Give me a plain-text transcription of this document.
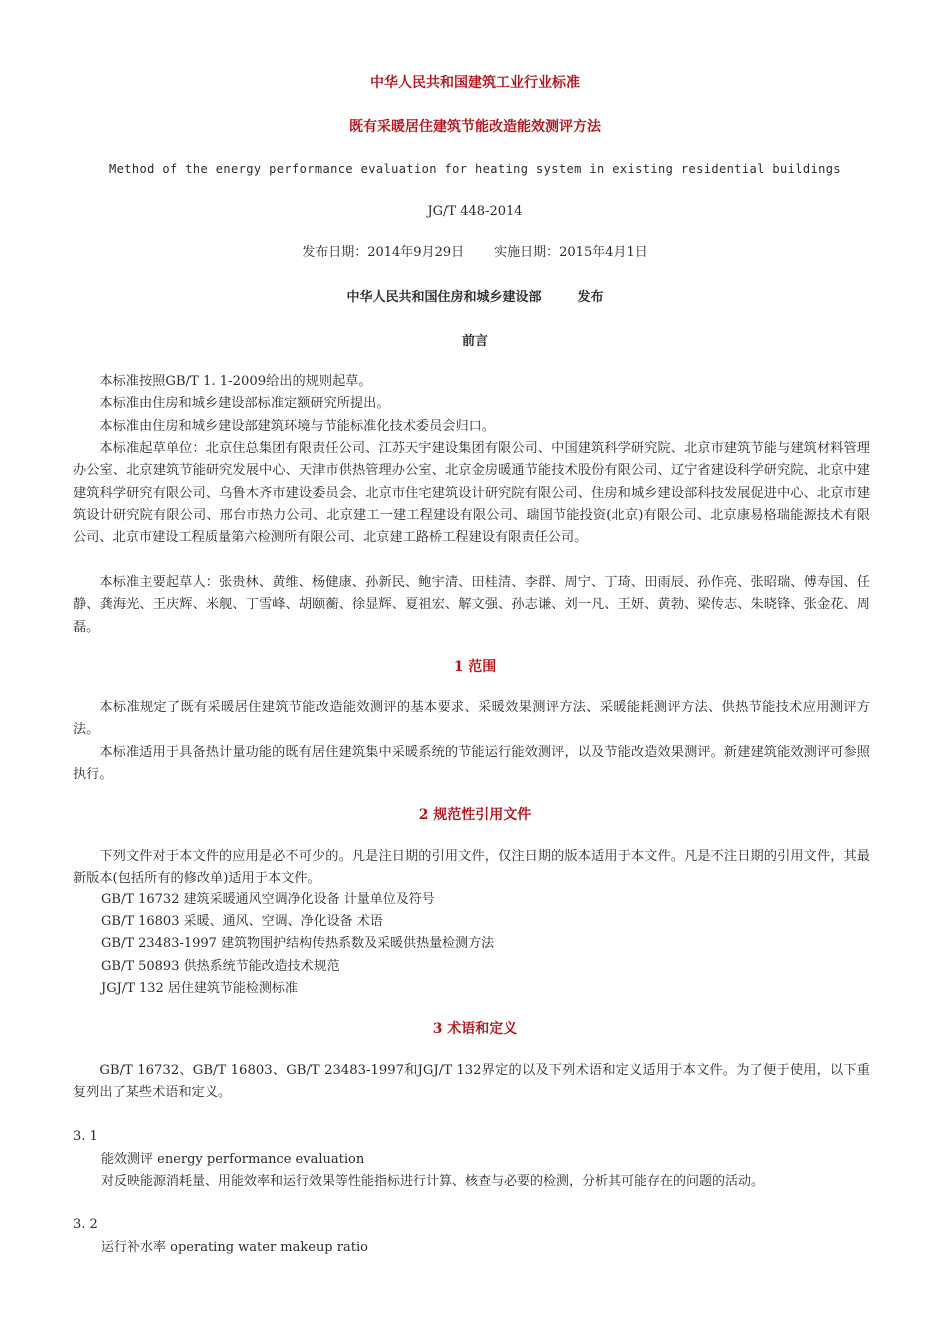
中华人民共和国建筑工业行业标准
既有采暖居住建筑节能改造能效测评方法
Method of the energy performance evaluation for heating system in existing residential buildings
JG/T 448-2014
发布日期：2014年9月29日 实施日期：2015年4月1日
中华人民共和国住房和城乡建设部	发布
前言

本标准按照GB/T 1. 1-2009给出的规则起草。

本标准由住房和城乡建设部标准定额研究所提出。

本标准由住房和城乡建设部建筑环境与节能标准化技术委员会归口。

本标准起草单位：北京住总集团有限责任公司、江苏天宇建设集团有限公司、中国建筑科学研究院、北京市建筑节能与建筑材料管理办公室、北京建筑节能研究发展中心、天津市供热管理办公室、北京金房暖通节能技术股份有限公司、辽宁省建设科学研究院、北京中建建筑科学研究有限公司、乌鲁木齐市建设委员会、北京市住宅建筑设计研究院有限公司、住房和城乡建设部科技发展促进中心、北京市建筑设计研究院有限公司、邢台市热力公司、北京建工一建工程建设有限公司、瑞国节能投资(北京)有限公司、北京康易格瑞能源技术有限公司、北京市建设工程质量第六检测所有限公司、北京建工路桥工程建设有限责任公司。

本标准主要起草人：张贵林、黄维、杨健康、孙新民、鲍宇清、田桂清、李群、周宁、丁琦、田雨辰、孙作亮、张昭瑞、傅寿国、任静、龚海光、王庆辉、米舰、丁雪峰、胡颐蘅、徐显辉、夏祖宏、解文强、孙志谦、刘一凡、王妍、黄勃、梁传志、朱晓锋、张金花、周磊。

1 范围

本标准规定了既有采暖居住建筑节能改造能效测评的基本要求、采暖效果测评方法、采暖能耗测评方法、供热节能技术应用测评方法。

本标准适用于具备热计量功能的既有居住建筑集中采暖系统的节能运行能效测评，以及节能改造效果测评。新建建筑能效测评可参照执行。

2 规范性引用文件

下列文件对于本文件的应用是必不可少的。凡是注日期的引用文件，仅注日期的版本适用于本文件。凡是不注日期的引用文件，其最新版本(包括所有的修改单)适用于本文件。

GB/T 16732 建筑采暖通风空调净化设备 计量单位及符号
GB/T 16803 采暖、通风、空调、净化设备 术语
GB/T 23483-1997 建筑物围护结构传热系数及采暖供热量检测方法
GB/T 50893 供热系统节能改造技术规范
JGJ/T 132 居住建筑节能检测标准
3 术语和定义

GB/T 16732、GB/T 16803、GB/T 23483-1997和JGJ/T 132界定的以及下列术语和定义适用于本文件。为了便于使用，以下重复列出了某些术语和定义。

3. 1
能效测评 energy performance evaluation
对反映能源消耗量、用能效率和运行效果等性能指标进行计算、核查与必要的检测，分析其可能存在的问题的活动。
3. 2
运行补水率 operating water makeup ratio
